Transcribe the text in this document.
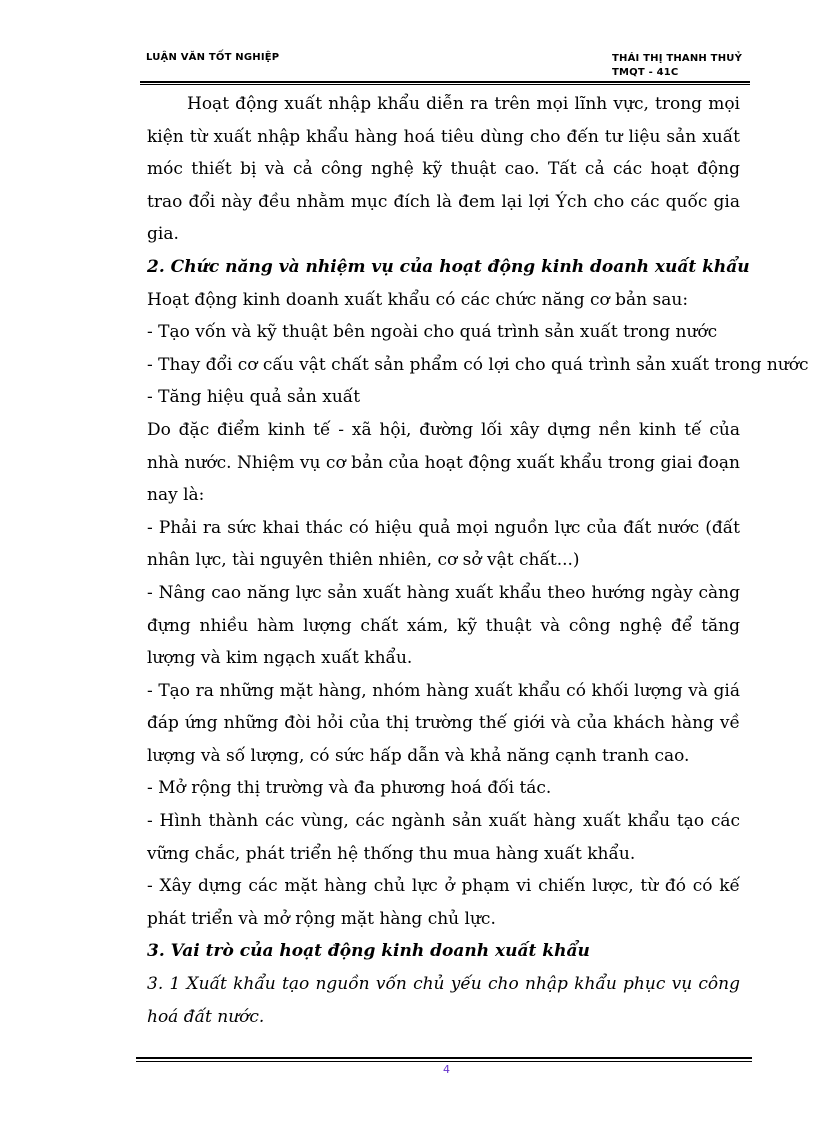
LUẬN VĂN TỐT NGHIỆP	THÁI THỊ THANH THUỶ
TMQT - 41C
Hoạt động xuất nhập khẩu diễn ra trên mọi lĩnh vực, trong mọi
kiện từ xuất nhập khẩu hàng hoá tiêu dùng cho đến tư liệu sản xuất
móc thiết bị và cả công nghệ kỹ thuật cao. Tất cả các hoạt động
trao đổi này đều nhằm mục đích là đem lại lợi Ých cho các quốc gia
gia.
2. Chức năng và nhiệm vụ của hoạt động kinh doanh xuất khẩu
Hoạt động kinh doanh xuất khẩu có các chức năng cơ bản sau:
- Tạo vốn và kỹ thuật bên ngoài cho quá trình sản xuất trong nước
- Thay đổi cơ cấu vật chất sản phẩm có lợi cho quá trình sản xuất trong nước
- Tăng hiệu quả sản xuất
Do đặc điểm kinh tế - xã hội, đường lối xây dựng nền kinh tế của
nhà nước. Nhiệm vụ cơ bản của hoạt động xuất khẩu trong giai đoạn
nay là:
- Phải ra sức khai thác có hiệu quả mọi nguồn lực của đất nước (đất
nhân lực, tài nguyên thiên nhiên, cơ sở vật chất...)
- Nâng cao năng lực sản xuất hàng xuất khẩu theo hướng ngày càng
đựng nhiều hàm lượng chất xám, kỹ thuật và công nghệ để tăng
lượng và kim ngạch xuất khẩu.
- Tạo ra những mặt hàng, nhóm hàng xuất khẩu có khối lượng và giá
đáp ứng những đòi hỏi của thị trường thế giới và của khách hàng về
lượng và số lượng, có sức hấp dẫn và khả năng cạnh tranh cao.
- Mở rộng thị trường và đa phương hoá đối tác.
- Hình thành các vùng, các ngành sản xuất hàng xuất khẩu tạo các
vững chắc, phát triển hệ thống thu mua hàng xuất khẩu.
- Xây dựng các mặt hàng chủ lực ở phạm vi chiến lược, từ đó có kế
phát triển và mở rộng mặt hàng chủ lực.
3. Vai trò của hoạt động kinh doanh xuất khẩu
3. 1 Xuất khẩu tạo nguồn vốn chủ yếu cho nhập khẩu phục vụ công
hoá đất nước.
4
